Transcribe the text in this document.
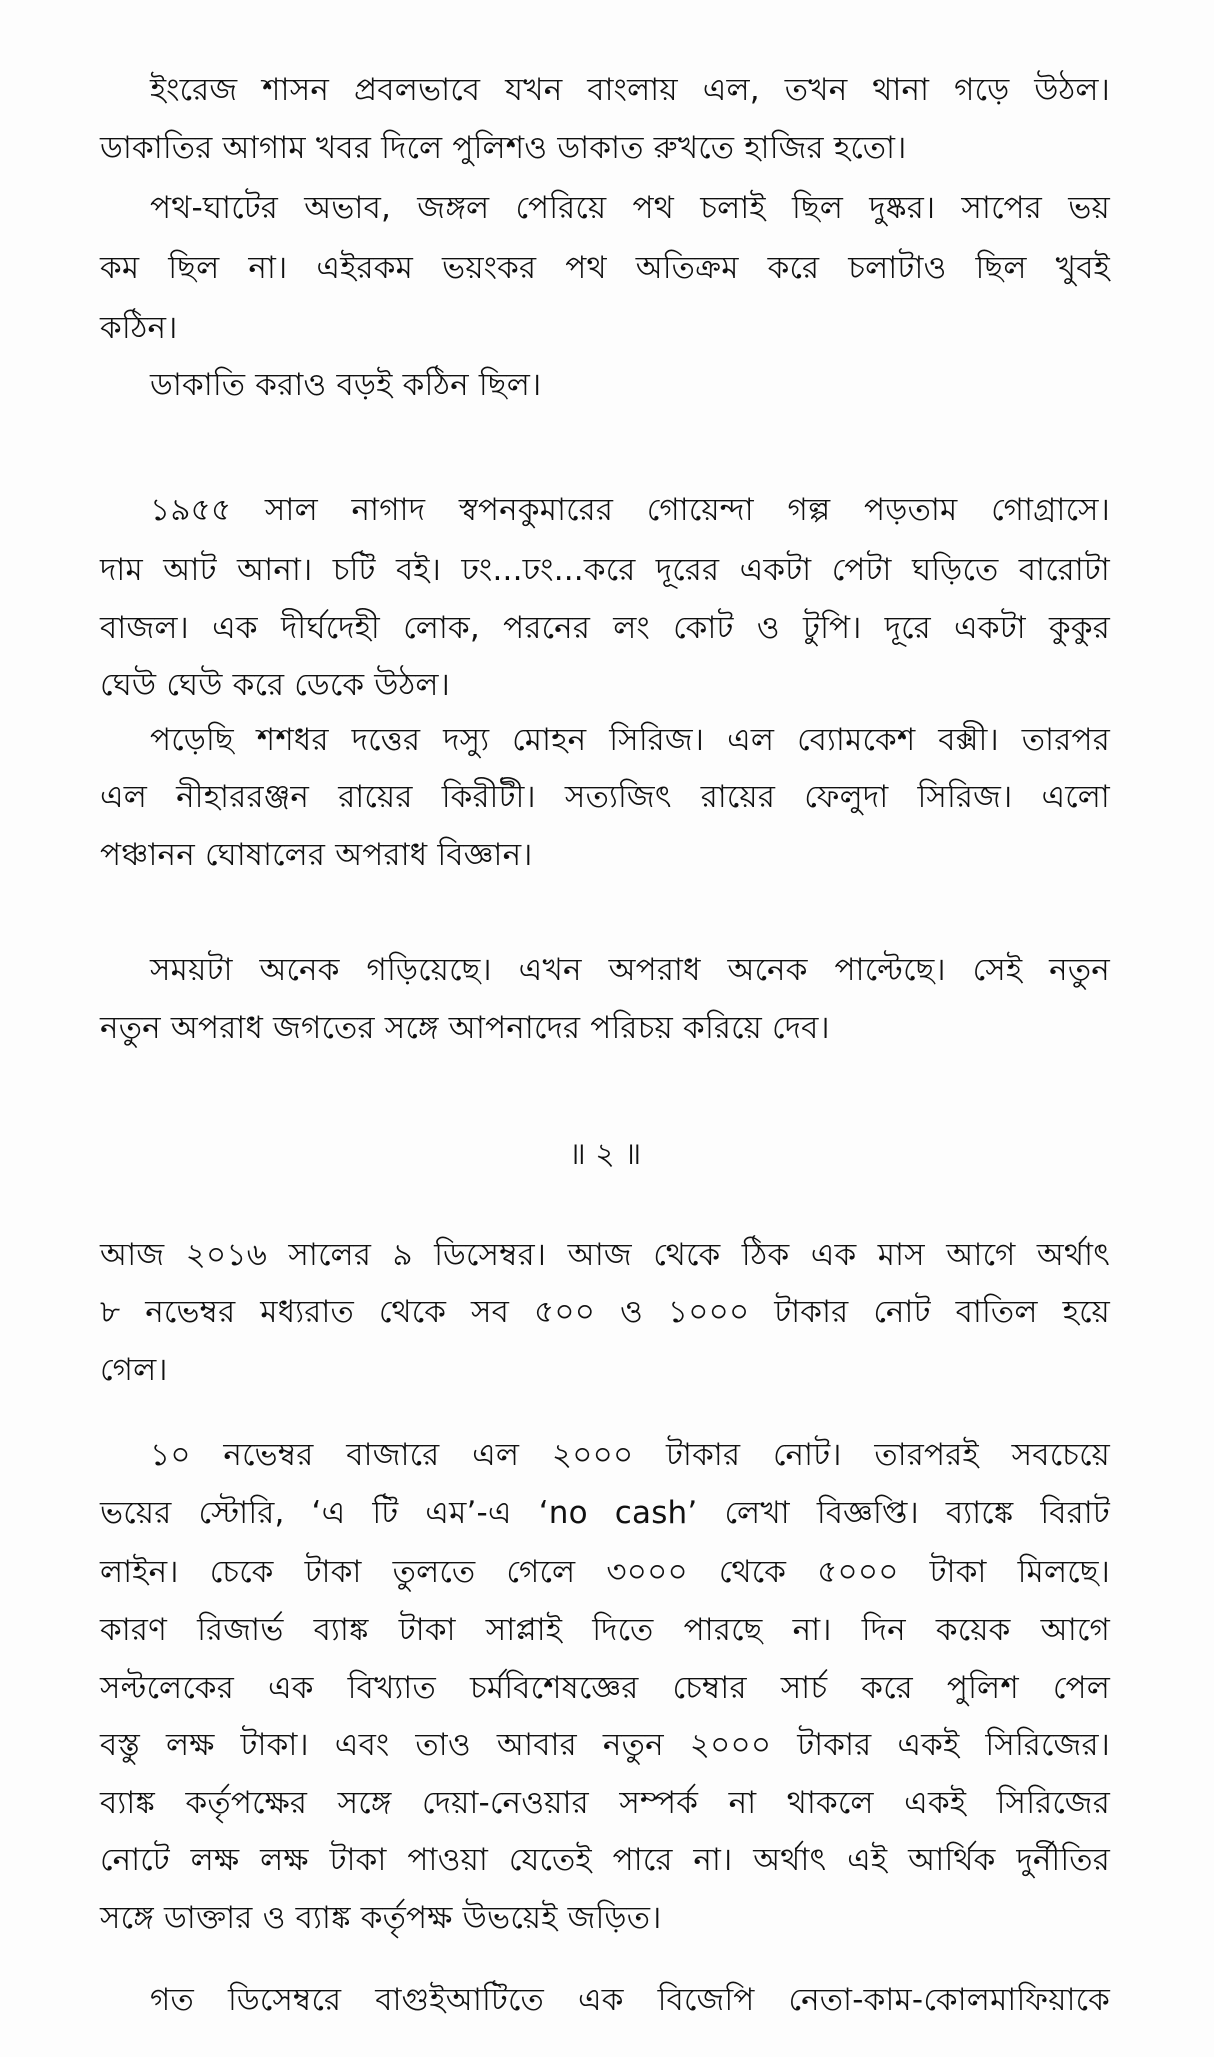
ইংরেজ শাসন প্রবলভাবে যখন বাংলায় এল, তখন থানা গড়ে উঠল।
ডাকাতির আগাম খবর দিলে পুলিশও ডাকাত রুখতে হাজির হতো।
পথ-ঘাটের অভাব, জঙ্গল পেরিয়ে পথ চলাই ছিল দুষ্কর। সাপের ভয়
কম ছিল না। এইরকম ভয়ংকর পথ অতিক্রম করে চলাটাও ছিল খুবই
কঠিন।
ডাকাতি করাও বড়ই কঠিন ছিল।
১৯৫৫ সাল নাগাদ স্বপনকুমারের গোয়েন্দা গল্প পড়তাম গোগ্রাসে।
দাম আট আনা। চটি বই। ঢং...ঢং...করে দূরের একটা পেটা ঘড়িতে বারোটা
বাজল। এক দীর্ঘদেহী লোক, পরনের লং কোট ও টুপি। দূরে একটা কুকুর
ঘেউ ঘেউ করে ডেকে উঠল।
পড়েছি শশধর দত্তের দস্যু মোহন সিরিজ। এল ব্যোমকেশ বক্সী। তারপর
এল নীহাররঞ্জন রায়ের কিরীটী। সত্যজিৎ রায়ের ফেলুদা সিরিজ। এলো
পঞ্চানন ঘোষালের অপরাধ বিজ্ঞান।
সময়টা অনেক গড়িয়েছে। এখন অপরাধ অনেক পাল্টেছে। সেই নতুন
নতুন অপরাধ জগতের সঙ্গে আপনাদের পরিচয় করিয়ে দেব।
॥ ২ ॥
আজ ২০১৬ সালের ৯ ডিসেম্বর। আজ থেকে ঠিক এক মাস আগে অর্থাৎ
৮ নভেম্বর মধ্যরাত থেকে সব ৫০০ ও ১০০০ টাকার নোট বাতিল হয়ে
গেল।
১০ নভেম্বর বাজারে এল ২০০০ টাকার নোট। তারপরই সবচেয়ে
ভয়ের স্টোরি, ‘এ টি এম’-এ ‘no cash’ লেখা বিজ্ঞপ্তি। ব্যাঙ্কে বিরাট
লাইন। চেকে টাকা তুলতে গেলে ৩০০০ থেকে ৫০০০ টাকা মিলছে।
কারণ রিজার্ভ ব্যাঙ্ক টাকা সাপ্লাই দিতে পারছে না। দিন কয়েক আগে
সল্টলেকের এক বিখ্যাত চর্মবিশেষজ্ঞের চেম্বার সার্চ করে পুলিশ পেল
বস্তু লক্ষ টাকা। এবং তাও আবার নতুন ২০০০ টাকার একই সিরিজের।
ব্যাঙ্ক কর্তৃপক্ষের সঙ্গে দেয়া-নেওয়ার সম্পর্ক না থাকলে একই সিরিজের
নোটে লক্ষ লক্ষ টাকা পাওয়া যেতেই পারে না। অর্থাৎ এই আর্থিক দুর্নীতির
সঙ্গে ডাক্তার ও ব্যাঙ্ক কর্তৃপক্ষ উভয়েই জড়িত।
গত ডিসেম্বরে বাগুইআটিতে এক বিজেপি নেতা-কাম-কোলমাফিয়াকে
